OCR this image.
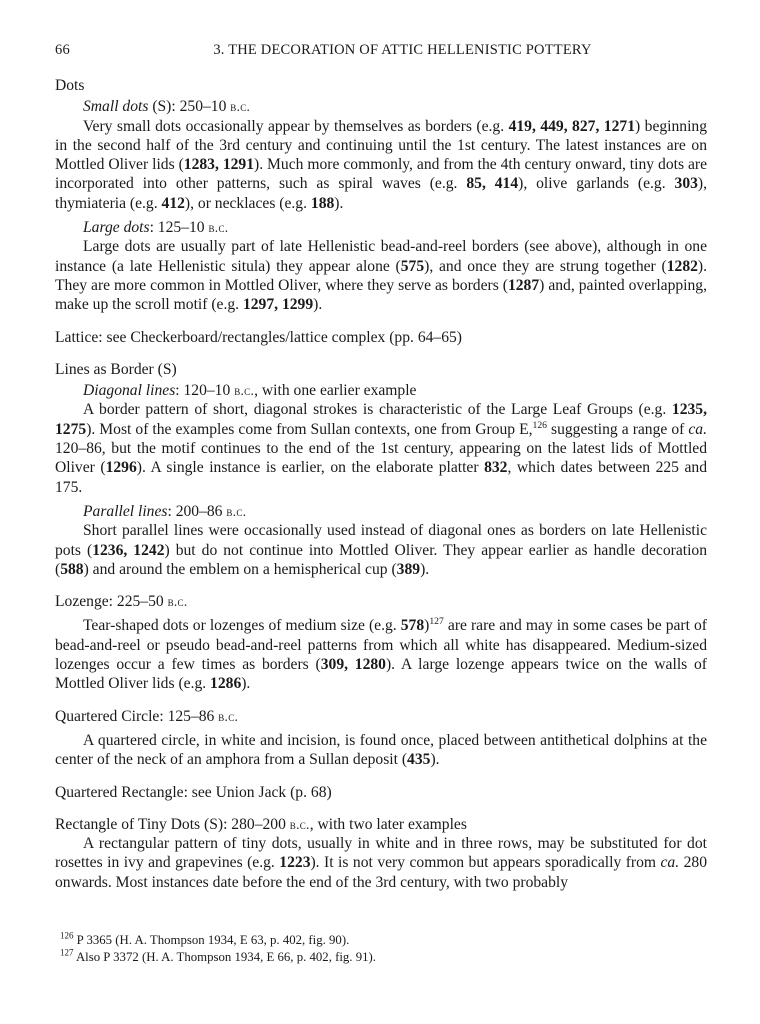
66	3. THE DECORATION OF ATTIC HELLENISTIC POTTERY

Dots

Small dots (S): 250–10 b.c.

Very small dots occasionally appear by themselves as borders (e.g. 419, 449, 827, 1271) beginning in the second half of the 3rd century and continuing until the 1st century. The latest instances are on Mottled Oliver lids (1283, 1291). Much more commonly, and from the 4th century onward, tiny dots are incorporated into other patterns, such as spiral waves (e.g. 85, 414), olive garlands (e.g. 303), thymiateria (e.g. 412), or necklaces (e.g. 188).

Large dots: 125–10 b.c.

Large dots are usually part of late Hellenistic bead-and-reel borders (see above), although in one instance (a late Hellenistic situla) they appear alone (575), and once they are strung together (1282). They are more common in Mottled Oliver, where they serve as borders (1287) and, painted overlapping, make up the scroll motif (e.g. 1297, 1299).

Lattice: see Checkerboard/rectangles/lattice complex (pp. 64–65)

Lines as Border (S)

Diagonal lines: 120–10 b.c., with one earlier example

A border pattern of short, diagonal strokes is characteristic of the Large Leaf Groups (e.g. 1235, 1275). Most of the examples come from Sullan contexts, one from Group E,$^{126}$ suggesting a range of ca. 120–86, but the motif continues to the end of the 1st century, appearing on the latest lids of Mottled Oliver (1296). A single instance is earlier, on the elaborate platter 832, which dates between 225 and 175.

Parallel lines: 200–86 b.c.

Short parallel lines were occasionally used instead of diagonal ones as borders on late Hellenistic pots (1236, 1242) but do not continue into Mottled Oliver. They appear earlier as handle decoration (588) and around the emblem on a hemispherical cup (389).

Lozenge: 225–50 b.c.

Tear-shaped dots or lozenges of medium size (e.g. 578)$^{127}$ are rare and may in some cases be part of bead-and-reel or pseudo bead-and-reel patterns from which all white has disappeared. Medium-sized lozenges occur a few times as borders (309, 1280). A large lozenge appears twice on the walls of Mottled Oliver lids (e.g. 1286).

Quartered Circle: 125–86 b.c.

A quartered circle, in white and incision, is found once, placed between antithetical dolphins at the center of the neck of an amphora from a Sullan deposit (435).

Quartered Rectangle: see Union Jack (p. 68)

Rectangle of Tiny Dots (S): 280–200 b.c., with two later examples

A rectangular pattern of tiny dots, usually in white and in three rows, may be substituted for dot rosettes in ivy and grapevines (e.g. 1223). It is not very common but appears sporadically from ca. 280 onwards. Most instances date before the end of the 3rd century, with two probably

$^{126}$ P 3365 (H. A. Thompson 1934, E 63, p. 402, fig. 90).

$^{127}$ Also P 3372 (H. A. Thompson 1934, E 66, p. 402, fig. 91).
